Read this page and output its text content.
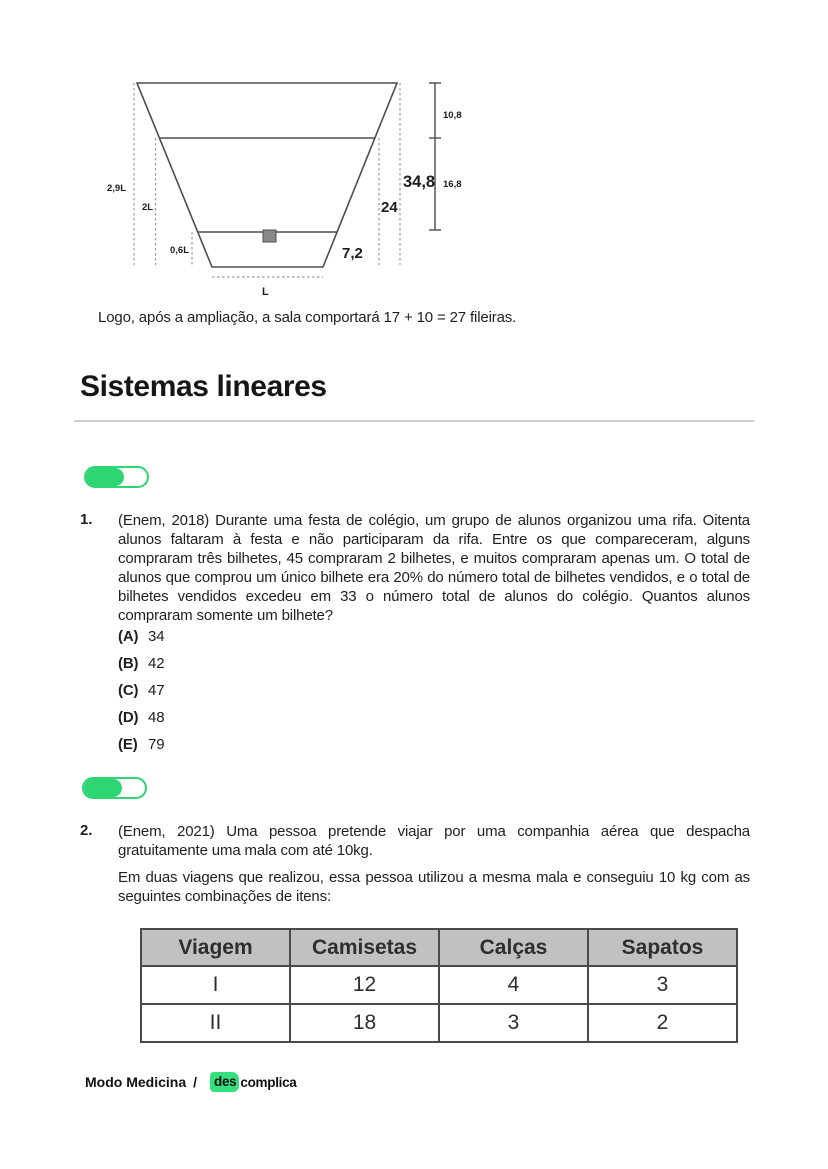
2,9L
2L
0,6L
L
34,8
24
7,2
10,8
16,8
Logo, após a ampliação, a sala comportará 17 + 10 = 27 fileiras.
Sistemas lineares
1. (Enem, 2018) Durante uma festa de colégio, um grupo de alunos organizou uma rifa. Oitenta alunos faltaram à festa e não participaram da rifa. Entre os que compareceram, alguns compraram três bilhetes, 45 compraram 2 bilhetes, e muitos compraram apenas um. O total de alunos que comprou um único bilhete era 20% do número total de bilhetes vendidos, e o total de bilhetes vendidos excedeu em 33 o número total de alunos do colégio. Quantos alunos compraram somente um bilhete?
(A) 34
(B) 42
(C) 47
(D) 48
(E) 79
2. (Enem, 2021) Uma pessoa pretende viajar por uma companhia aérea que despacha gratuitamente uma mala com até 10kg.
Em duas viagens que realizou, essa pessoa utilizou a mesma mala e conseguiu 10 kg com as seguintes combinações de itens:
Viagem	Camisetas	Calças	Sapatos
I	12	4	3
II	18	3	2
Modo Medicina / des complica
